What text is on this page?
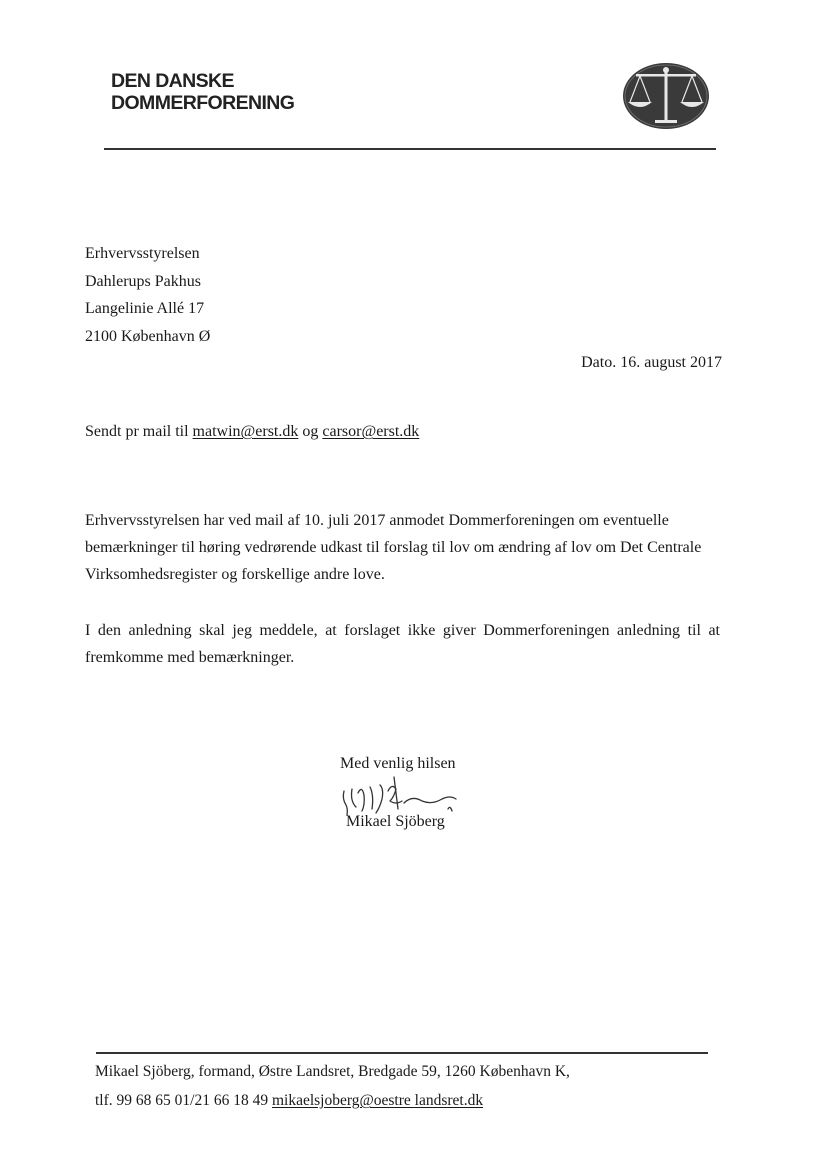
DEN DANSKE
DOMMERFORENING
Erhvervsstyrelsen
Dahlerups Pakhus
Langelinie Allé 17
2100 København Ø
Dato. 16. august 2017
Sendt pr mail til matwin@erst.dk og carsor@erst.dk
Erhvervsstyrelsen har ved mail af 10. juli 2017 anmodet Dommerforeningen om eventuelle bemærkninger til høring vedrørende udkast til forslag til lov om ændring af lov om Det Centrale Virksomhedsregister og forskellige andre love.
I den anledning skal jeg meddele, at forslaget ikke giver Dommerforeningen anledning til at fremkomme med bemærkninger.
Med venlig hilsen
Mikael Sjöberg
Mikael Sjöberg, formand, Østre Landsret, Bredgade 59, 1260 København K,
tlf. 99 68 65 01/21 66 18 49 mikaelsjoberg@oestre landsret.dk
